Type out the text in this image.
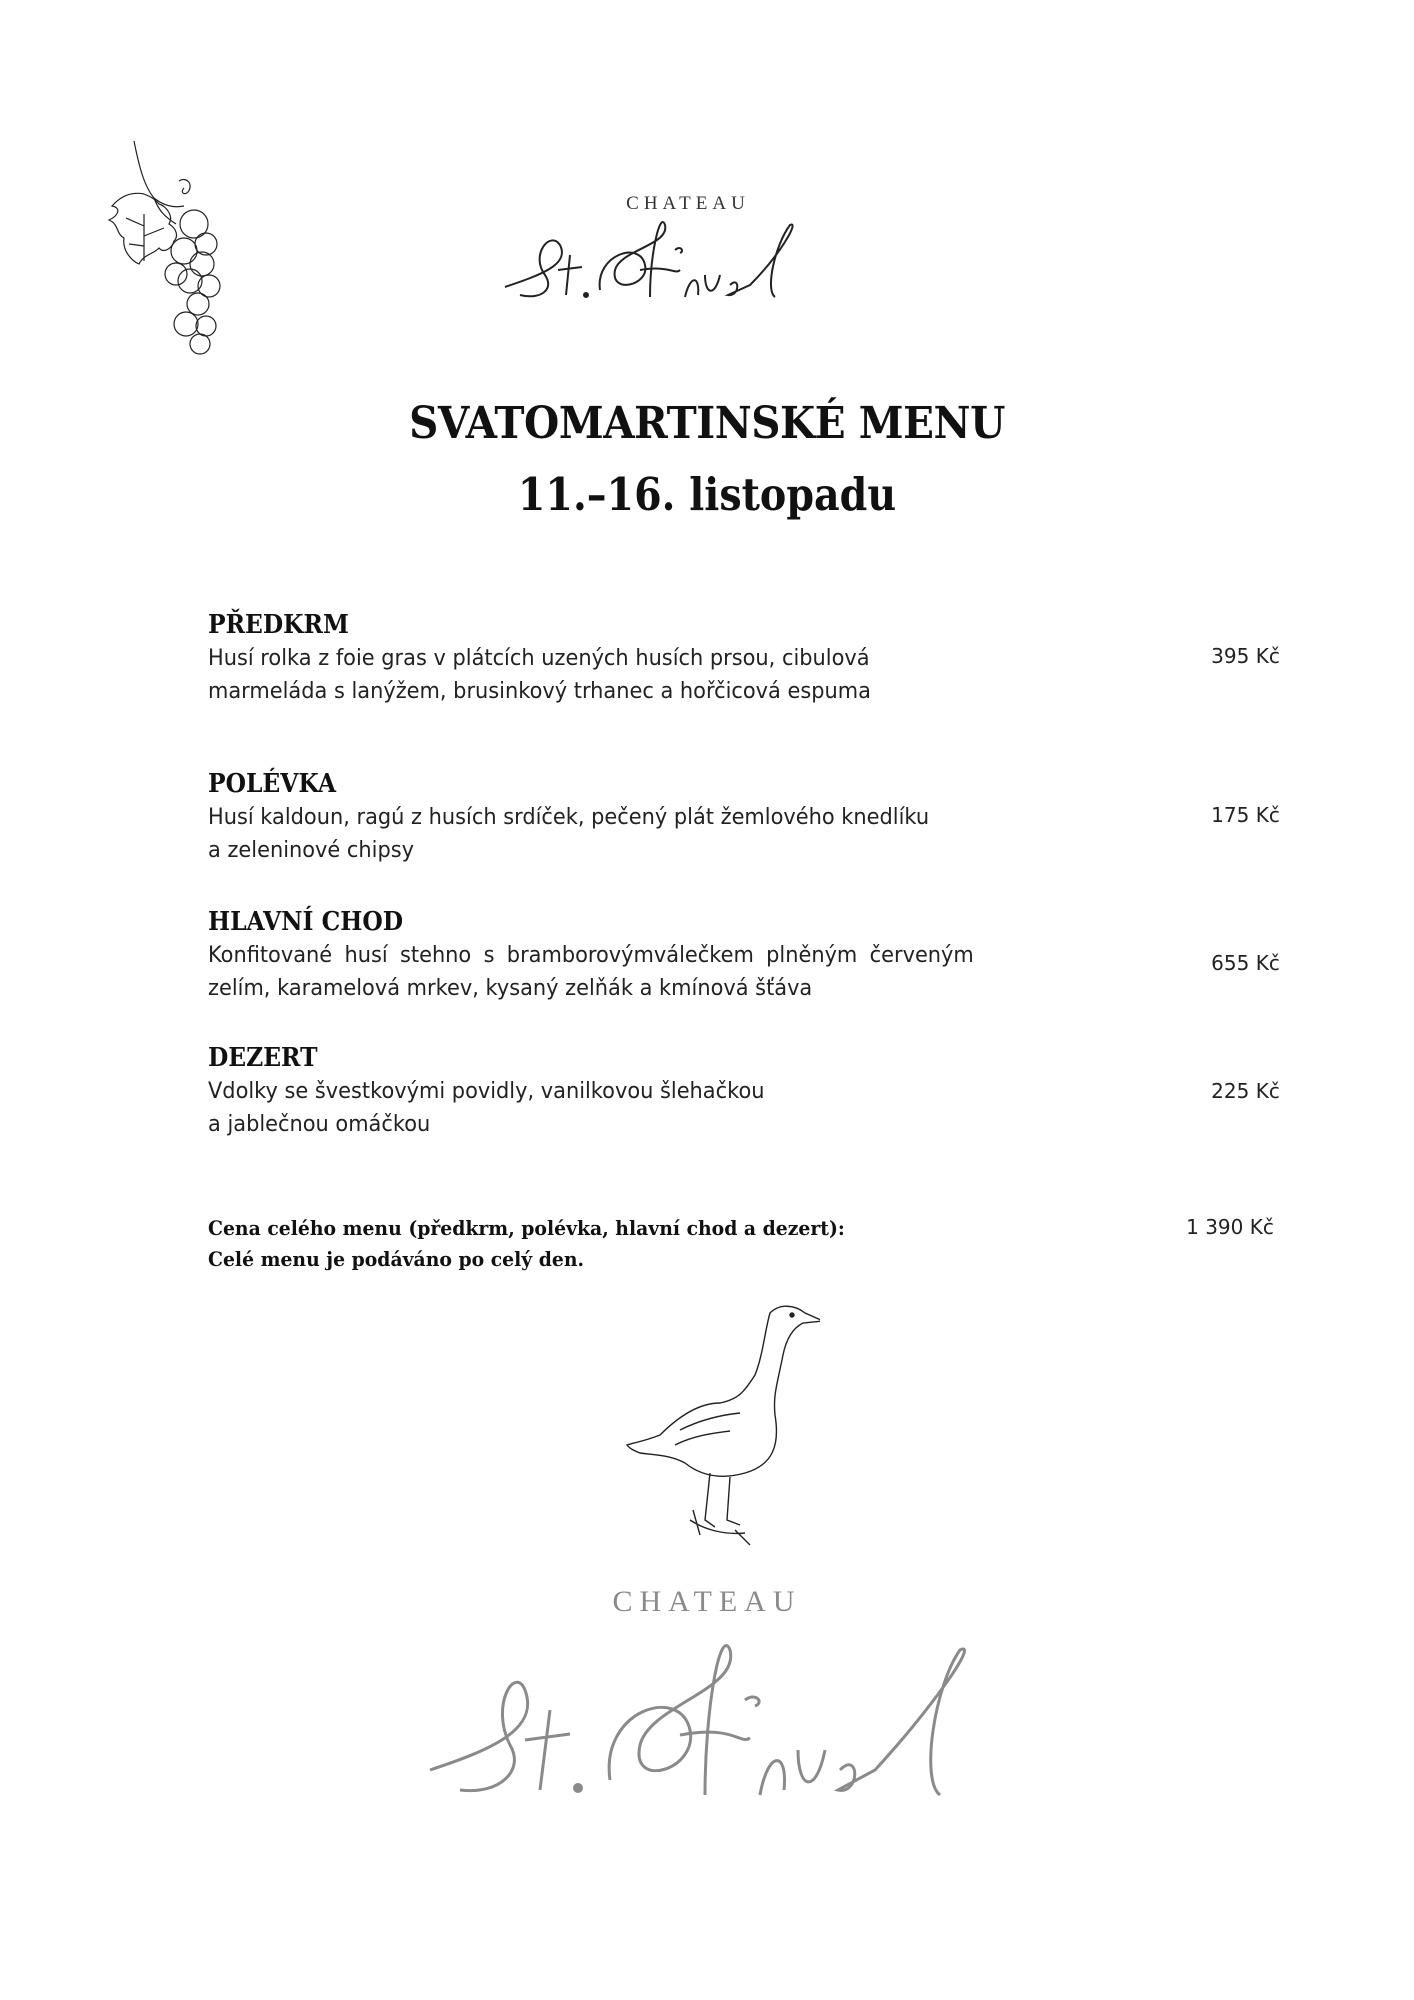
CHATEAU
SVATOMARTINSKÉ MENU
11.–16. listopadu
PŘEDKRM
Husí rolka z foie gras v plátcích uzených husích prsou, cibulová
marmeláda s lanýžem, brusinkový trhanec a hořčicová espuma
395 Kč
POLÉVKA
Husí kaldoun, ragú z husích srdíček, pečený plát žemlového knedlíku
a zeleninové chipsy
175 Kč
HLAVNÍ CHOD
Konfitované husí stehno s bramborovýmválečkem plněným červeným
zelím, karamelová mrkev, kysaný zelňák a kmínová šťáva
655 Kč
DEZERT
Vdolky se švestkovými povidly, vanilkovou šlehačkou
a jablečnou omáčkou
225 Kč
Cena celého menu (předkrm, polévka, hlavní chod a dezert):
Celé menu je podáváno po celý den.
1 390 Kč
CHATEAU
